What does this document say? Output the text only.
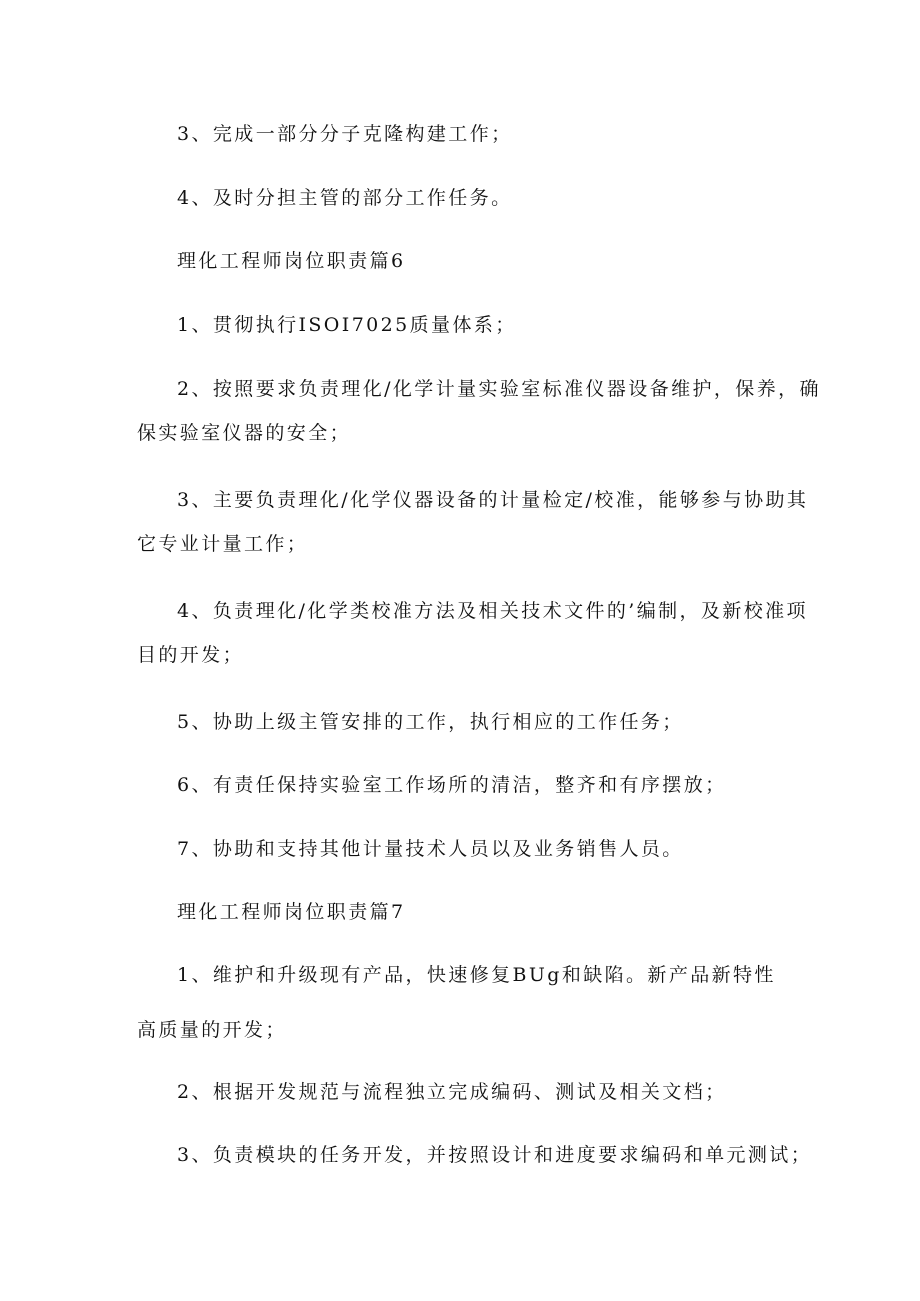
3、完成一部分分子克隆构建工作；

4、及时分担主管的部分工作任务。

理化工程师岗位职责篇6

1、贯彻执行ISOI7025质量体系；

2、按照要求负责理化/化学计量实验室标准仪器设备维护，保养，确

保实验室仪器的安全；

3、主要负责理化/化学仪器设备的计量检定/校准，能够参与协助其

它专业计量工作；

4、负责理化/化学类校准方法及相关技术文件的’编制，及新校准项

目的开发；

5、协助上级主管安排的工作，执行相应的工作任务；

6、有责任保持实验室工作场所的清洁，整齐和有序摆放；

7、协助和支持其他计量技术人员以及业务销售人员。

理化工程师岗位职责篇7

1、维护和升级现有产品，快速修复BUg和缺陷。新产品新特性

高质量的开发；

2、根据开发规范与流程独立完成编码、测试及相关文档；

3、负责模块的任务开发，并按照设计和进度要求编码和单元测试；
